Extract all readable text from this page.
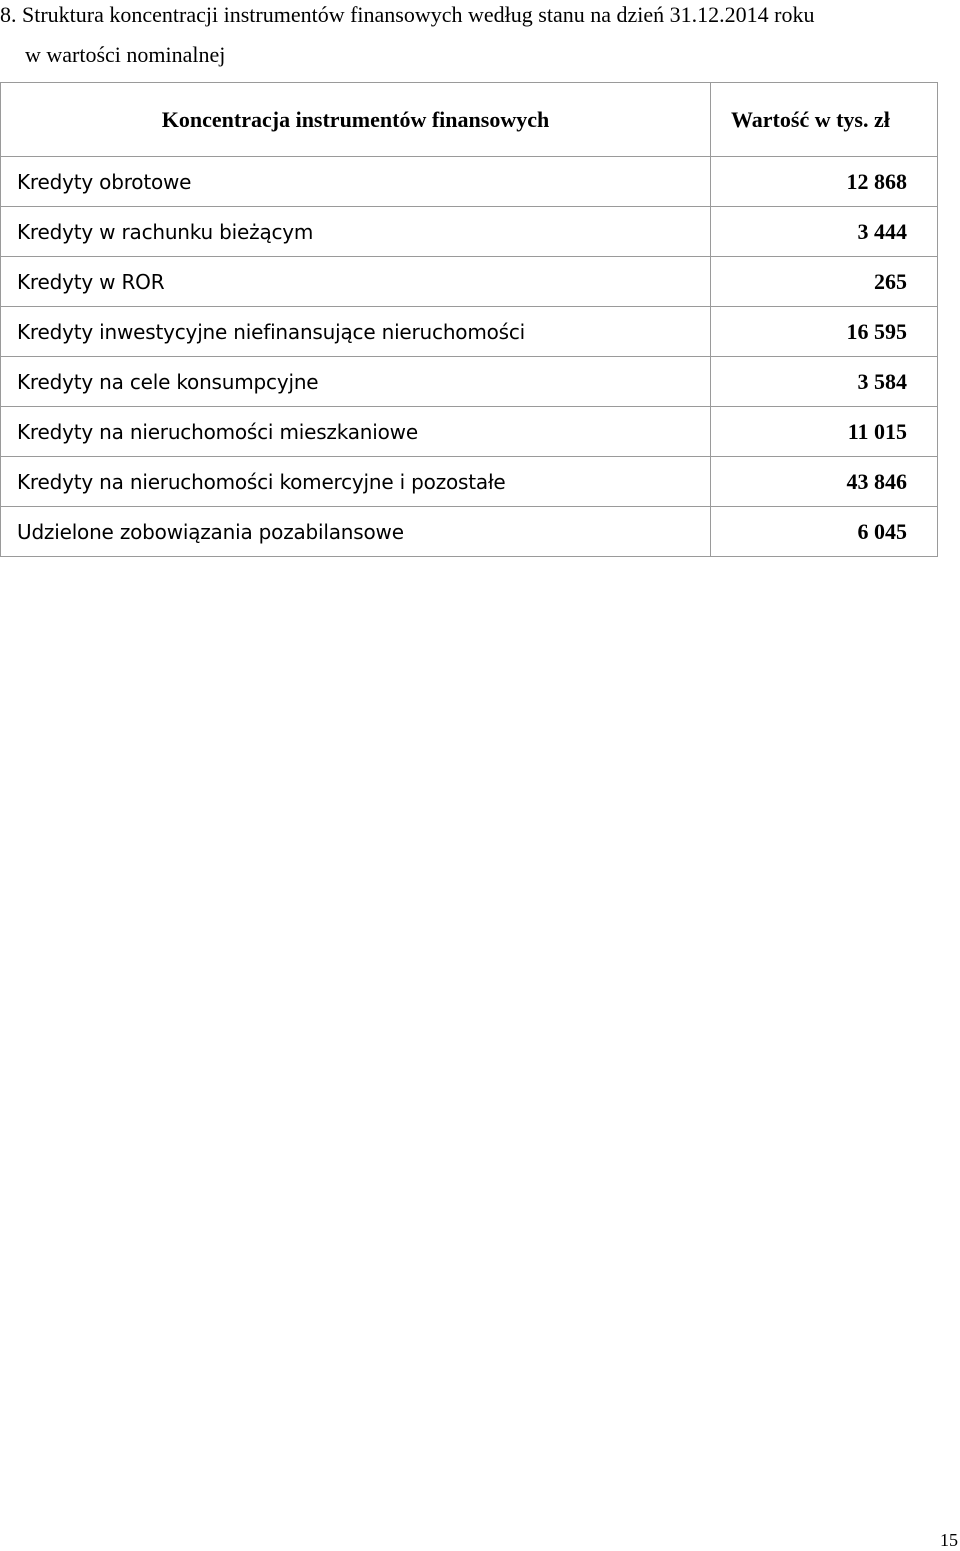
8. Struktura koncentracji instrumentów finansowych według stanu na dzień 31.12.2014 roku
w wartości nominalnej
Koncentracja instrumentów finansowych	Wartość w tys. zł
Kredyty obrotowe	12 868
Kredyty w rachunku bieżącym	3 444
Kredyty w ROR	265
Kredyty inwestycyjne niefinansujące nieruchomości	16 595
Kredyty na cele konsumpcyjne	3 584
Kredyty na nieruchomości mieszkaniowe	11 015
Kredyty na nieruchomości komercyjne i pozostałe	43 846
Udzielone zobowiązania pozabilansowe	6 045
15
